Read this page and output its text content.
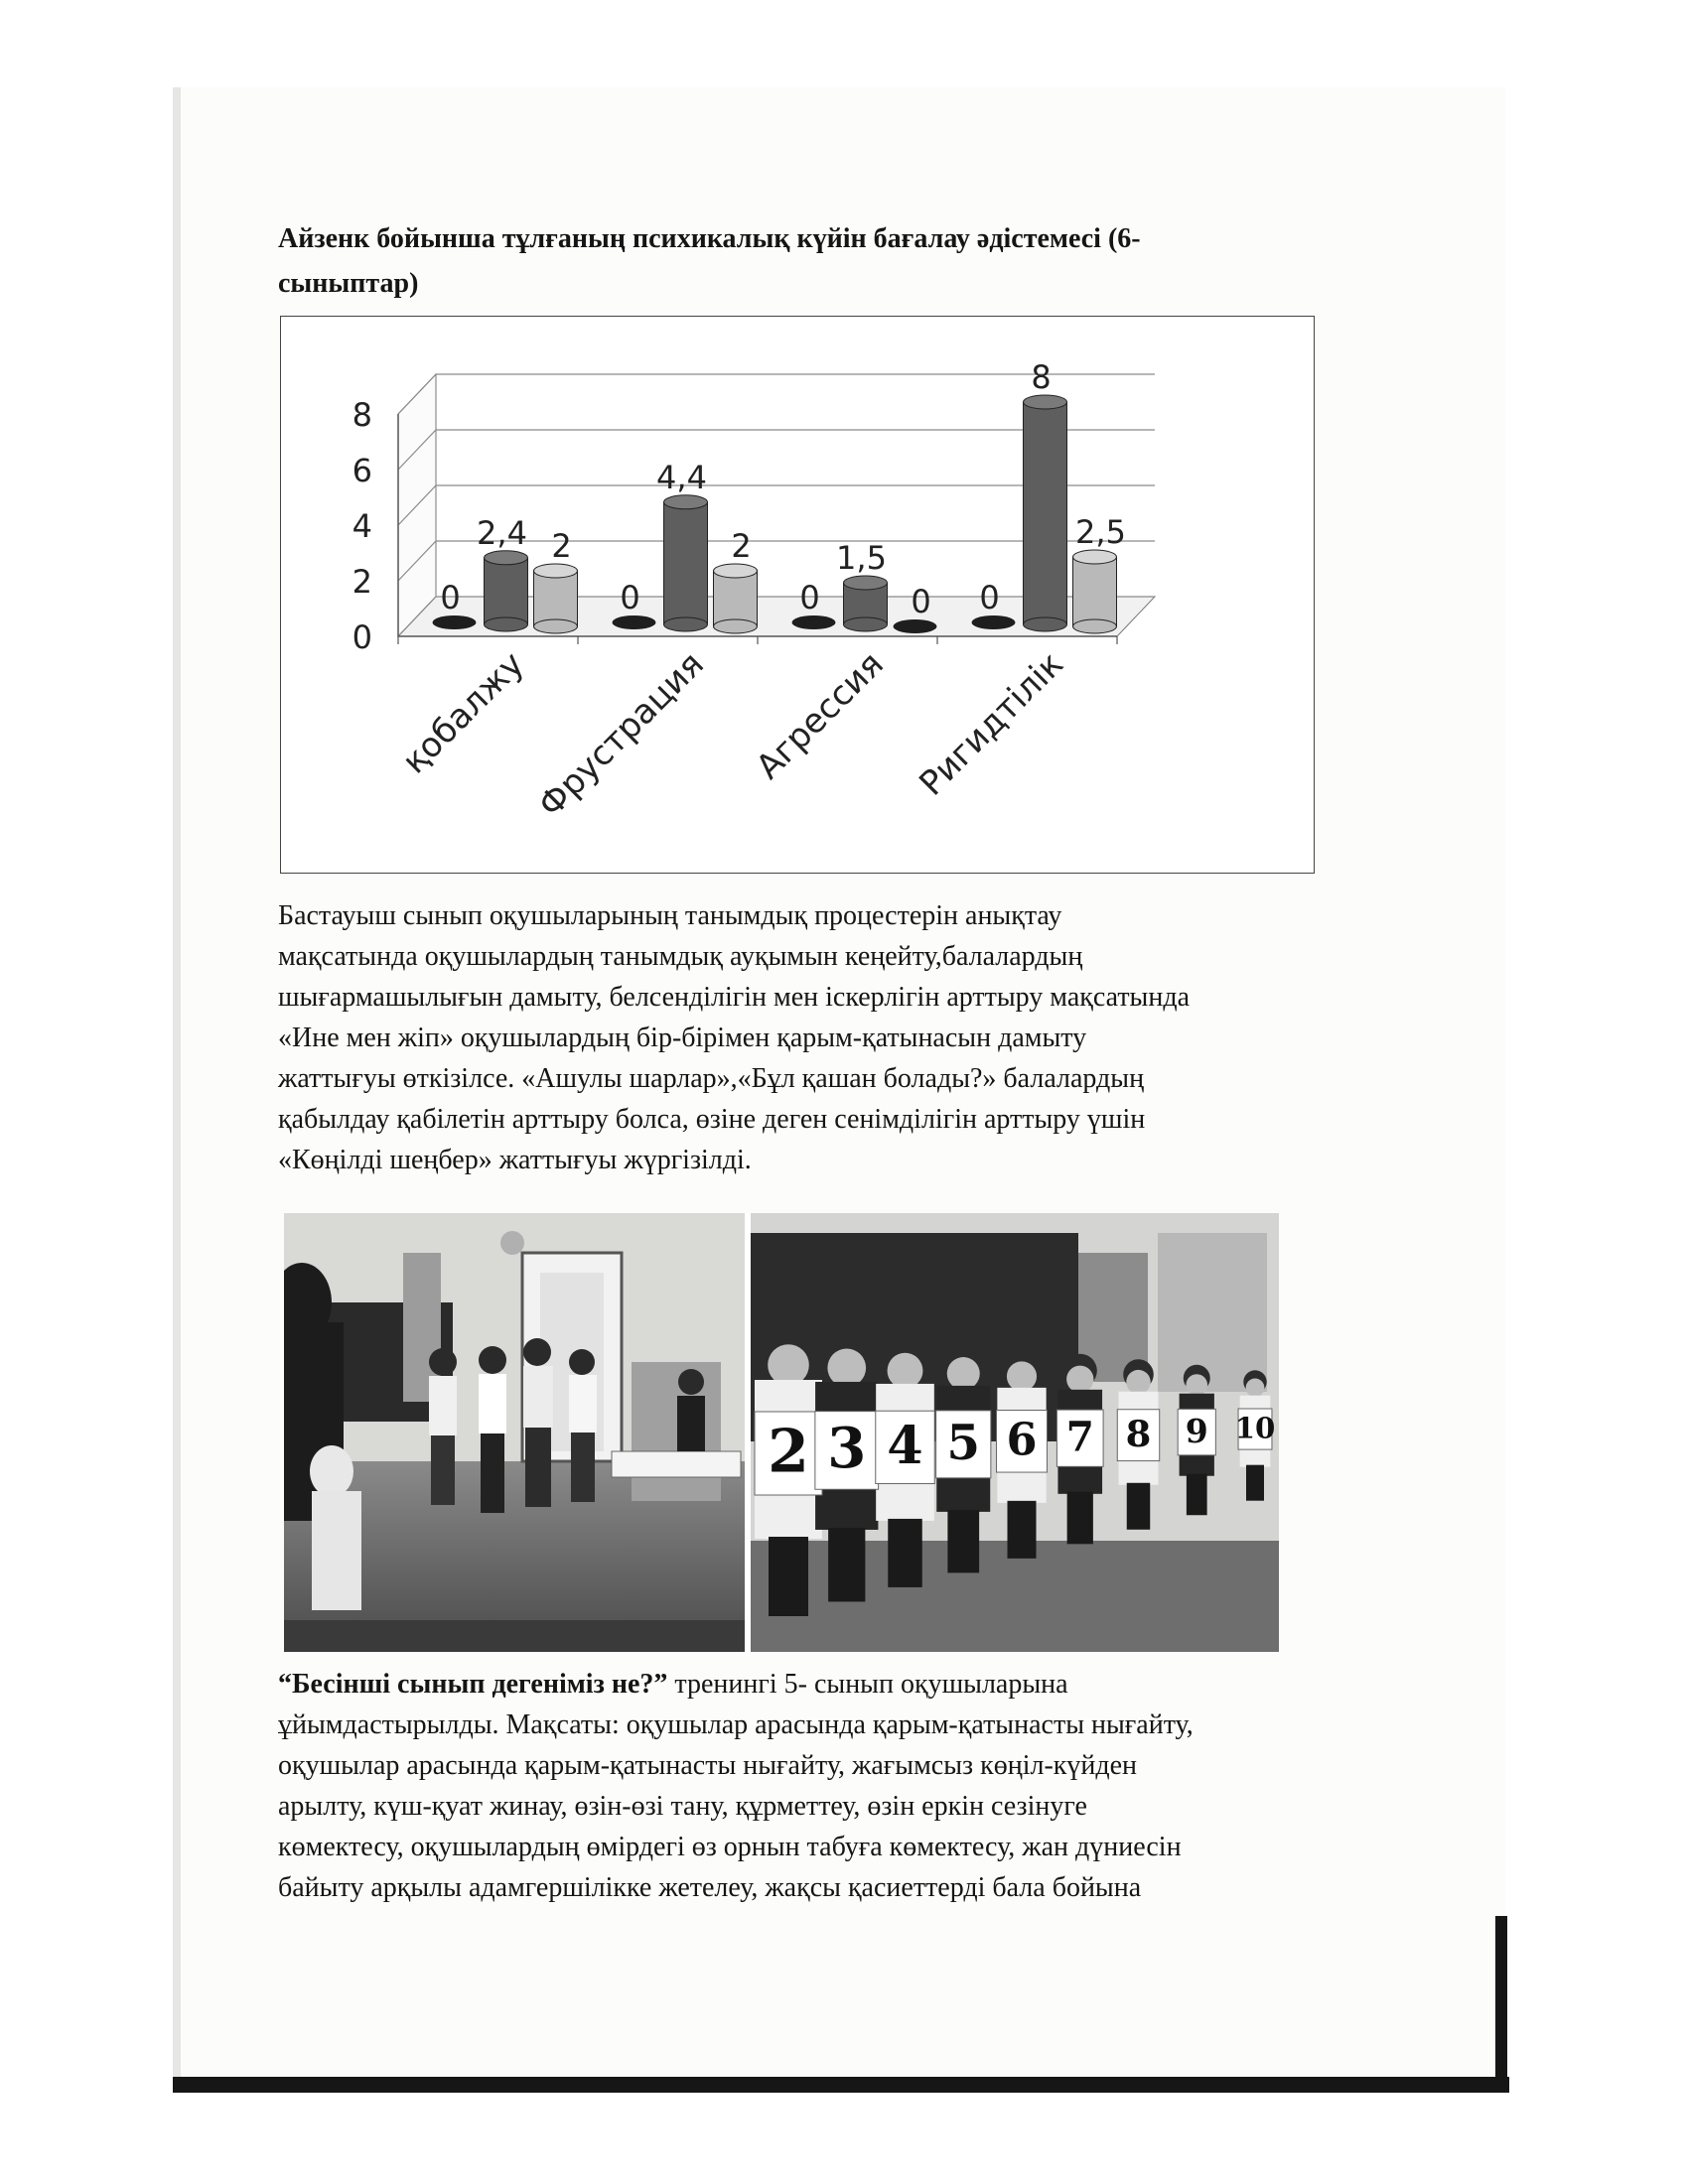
Айзенк бойынша тұлғаның психикалық күйін бағалау әдістемесі (6-сыныптар)
0
2
4
6
8
0
2,4 2
қобалжу
0
4,4
2
Фрустрация
0
1,5
0
Агрессия
0
8
2,5
Ригидтілік

Бастауыш сынып оқушыларының танымдық процестерін анықтау

мақсатында оқушылардың танымдық ауқымын кеңейту,балалардың

шығармашылығын дамыту, белсенділігін мен іскерлігін арттыру мақсатында

«Ине мен жіп» оқушылардың бір-бірімен қарым-қатынасын дамыту

жаттығуы өткізілсе. «Ашулы шарлар»,«Бұл қашан болады?» балалардың

қабылдау қабілетін арттыру болса, өзіне деген сенімділігін арттыру үшін

«Көңілді шеңбер» жаттығуы жүргізілді.

2 3 4 5 6 7 8 9 10

“Бесінші сынып дегеніміз не?” тренингі 5- сынып оқушыларына

ұйымдастырылды. Мақсаты: оқушылар арасында қарым-қатынасты нығайту,

оқушылар арасында қарым-қатынасты нығайту, жағымсыз көңіл-күйден

арылту, күш-қуат жинау, өзін-өзі тану, құрметтеу, өзін еркін сезінуге

көмектесу, оқушылардың өмірдегі өз орнын табуға көмектесу, жан дүниесін

байыту арқылы адамгершілікке жетелеу, жақсы қасиеттерді бала бойына
